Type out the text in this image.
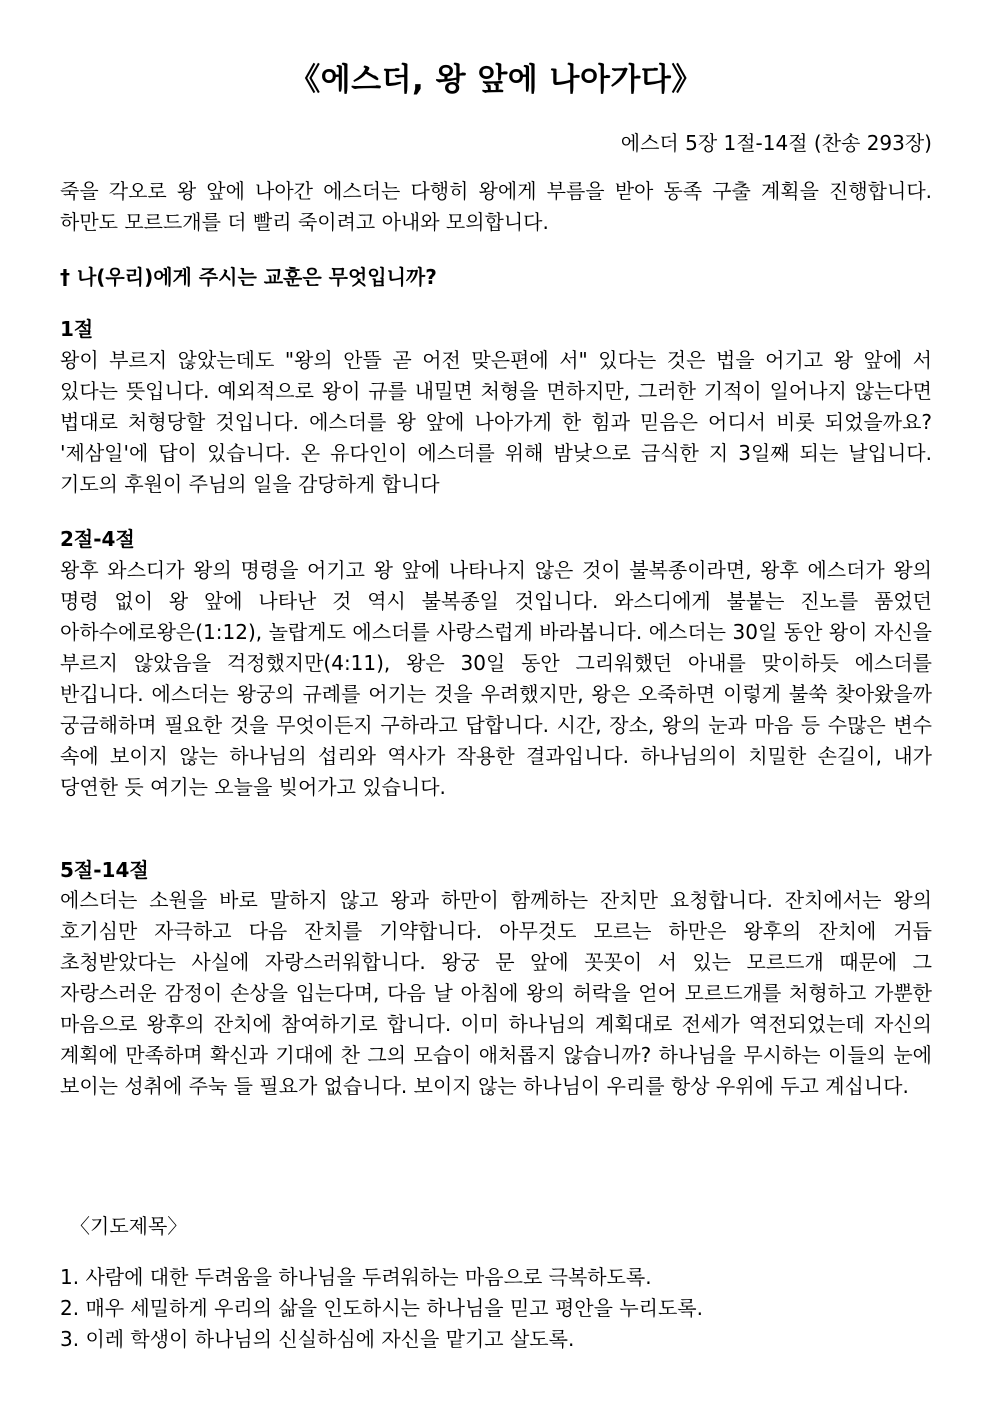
《에스더, 왕 앞에 나아가다》
에스더 5장 1절-14절 (찬송 293장)

죽을 각오로 왕 앞에 나아간 에스더는 다행히 왕에게 부름을 받아 동족 구출 계획을 진행합니다. 하만도 모르드개를 더 빨리 죽이려고 아내와 모의합니다.

† 나(우리)에게 주시는 교훈은 무엇입니까?
1절

왕이 부르지 않았는데도 "왕의 안뜰 곧 어전 맞은편에 서" 있다는 것은 법을 어기고 왕 앞에 서 있다는 뜻입니다. 예외적으로 왕이 규를 내밀면 처형을 면하지만, 그러한 기적이 일어나지 않는다면 법대로 처형당할 것입니다. 에스더를 왕 앞에 나아가게 한 힘과 믿음은 어디서 비롯 되었을까요? '제삼일'에 답이 있습니다. 온 유다인이 에스더를 위해 밤낮으로 금식한 지 3일째 되는 날입니다. 기도의 후원이 주님의 일을 감당하게 합니다

2절-4절

왕후 와스디가 왕의 명령을 어기고 왕 앞에 나타나지 않은 것이 불복종이라면, 왕후 에스더가 왕의 명령 없이 왕 앞에 나타난 것 역시 불복종일 것입니다. 와스디에게 불붙는 진노를 품었던 아하수에로왕은(1:12), 놀랍게도 에스더를 사랑스럽게 바라봅니다. 에스더는 30일 동안 왕이 자신을 부르지 않았음을 걱정했지만(4:11), 왕은 30일 동안 그리워했던 아내를 맞이하듯 에스더를 반깁니다. 에스더는 왕궁의 규례를 어기는 것을 우려했지만, 왕은 오죽하면 이렇게 불쑥 찾아왔을까 궁금해하며 필요한 것을 무엇이든지 구하라고 답합니다. 시간, 장소, 왕의 눈과 마음 등 수많은 변수 속에 보이지 않는 하나님의 섭리와 역사가 작용한 결과입니다. 하나님의이 치밀한 손길이, 내가 당연한 듯 여기는 오늘을 빚어가고 있습니다.

5절-14절

에스더는 소원을 바로 말하지 않고 왕과 하만이 함께하는 잔치만 요청합니다. 잔치에서는 왕의 호기심만 자극하고 다음 잔치를 기약합니다. 아무것도 모르는 하만은 왕후의 잔치에 거듭 초청받았다는 사실에 자랑스러워합니다. 왕궁 문 앞에 꼿꼿이 서 있는 모르드개 때문에 그 자랑스러운 감정이 손상을 입는다며, 다음 날 아침에 왕의 허락을 얻어 모르드개를 처형하고 가뿐한 마음으로 왕후의 잔치에 참여하기로 합니다. 이미 하나님의 계획대로 전세가 역전되었는데 자신의 계획에 만족하며 확신과 기대에 찬 그의 모습이 애처롭지 않습니까? 하나님을 무시하는 이들의 눈에 보이는 성취에 주눅 들 필요가 없습니다. 보이지 않는 하나님이 우리를 항상 우위에 두고 계십니다.

〈기도제목〉
1. 사람에 대한 두려움을 하나님을 두려워하는 마음으로 극복하도록.
2. 매우 세밀하게 우리의 삶을 인도하시는 하나님을 믿고 평안을 누리도록.
3. 이레 학생이 하나님의 신실하심에 자신을 맡기고 살도록.
